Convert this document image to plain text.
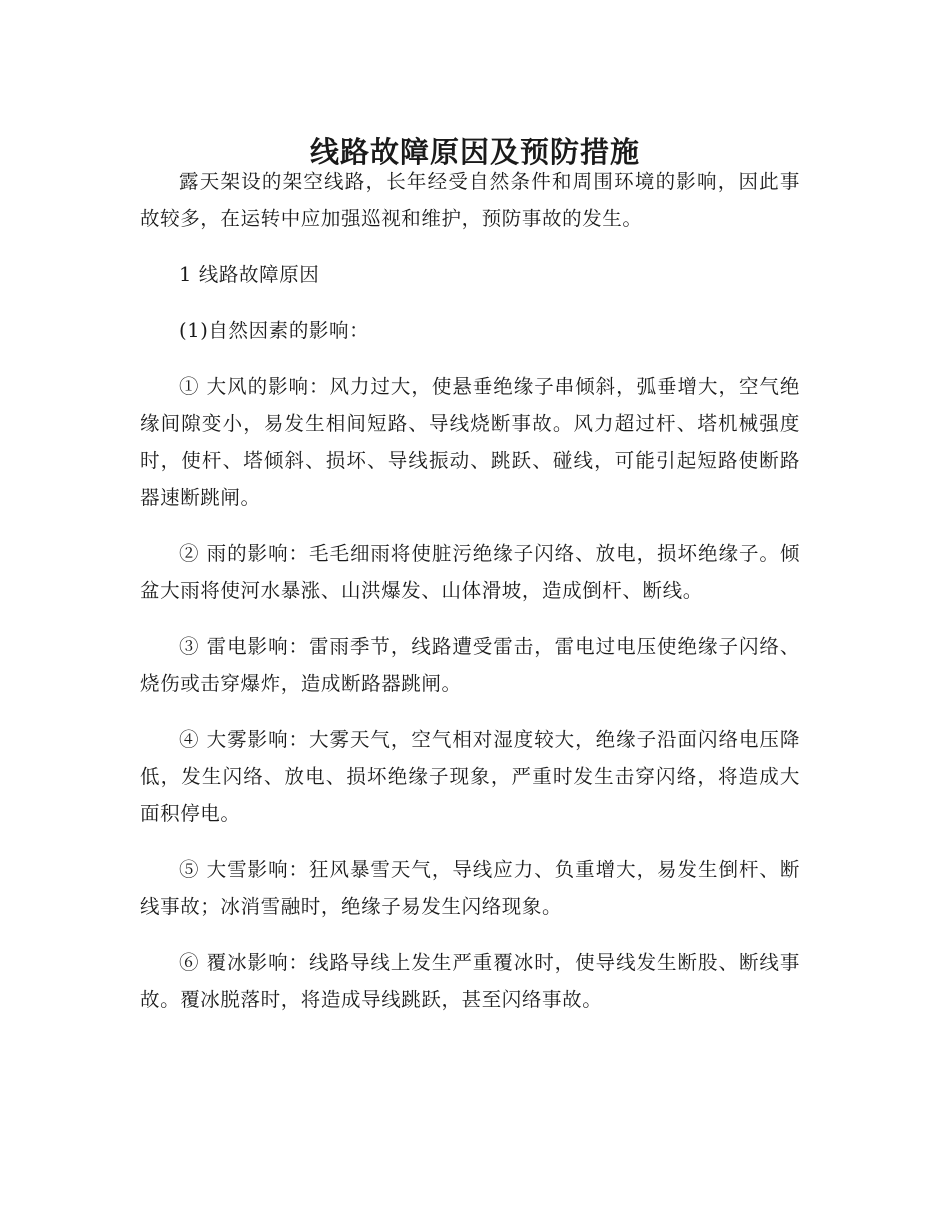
线路故障原因及预防措施

露天架设的架空线路，长年经受自然条件和周围环境的影响，因此事故较多，在运转中应加强巡视和维护，预防事故的发生。

1 线路故障原因

(1)自然因素的影响：

① 大风的影响：风力过大，使悬垂绝缘子串倾斜，弧垂增大，空气绝缘间隙变小，易发生相间短路、导线烧断事故。风力超过杆、塔机械强度时，使杆、塔倾斜、损坏、导线振动、跳跃、碰线，可能引起短路使断路器速断跳闸。

② 雨的影响：毛毛细雨将使脏污绝缘子闪络、放电，损坏绝缘子。倾盆大雨将使河水暴涨、山洪爆发、山体滑坡，造成倒杆、断线。

③ 雷电影响：雷雨季节，线路遭受雷击，雷电过电压使绝缘子闪络、烧伤或击穿爆炸，造成断路器跳闸。

④ 大雾影响：大雾天气，空气相对湿度较大，绝缘子沿面闪络电压降低，发生闪络、放电、损坏绝缘子现象，严重时发生击穿闪络，将造成大面积停电。

⑤ 大雪影响：狂风暴雪天气，导线应力、负重增大，易发生倒杆、断线事故；冰消雪融时，绝缘子易发生闪络现象。

⑥ 覆冰影响：线路导线上发生严重覆冰时，使导线发生断股、断线事故。覆冰脱落时，将造成导线跳跃，甚至闪络事故。
